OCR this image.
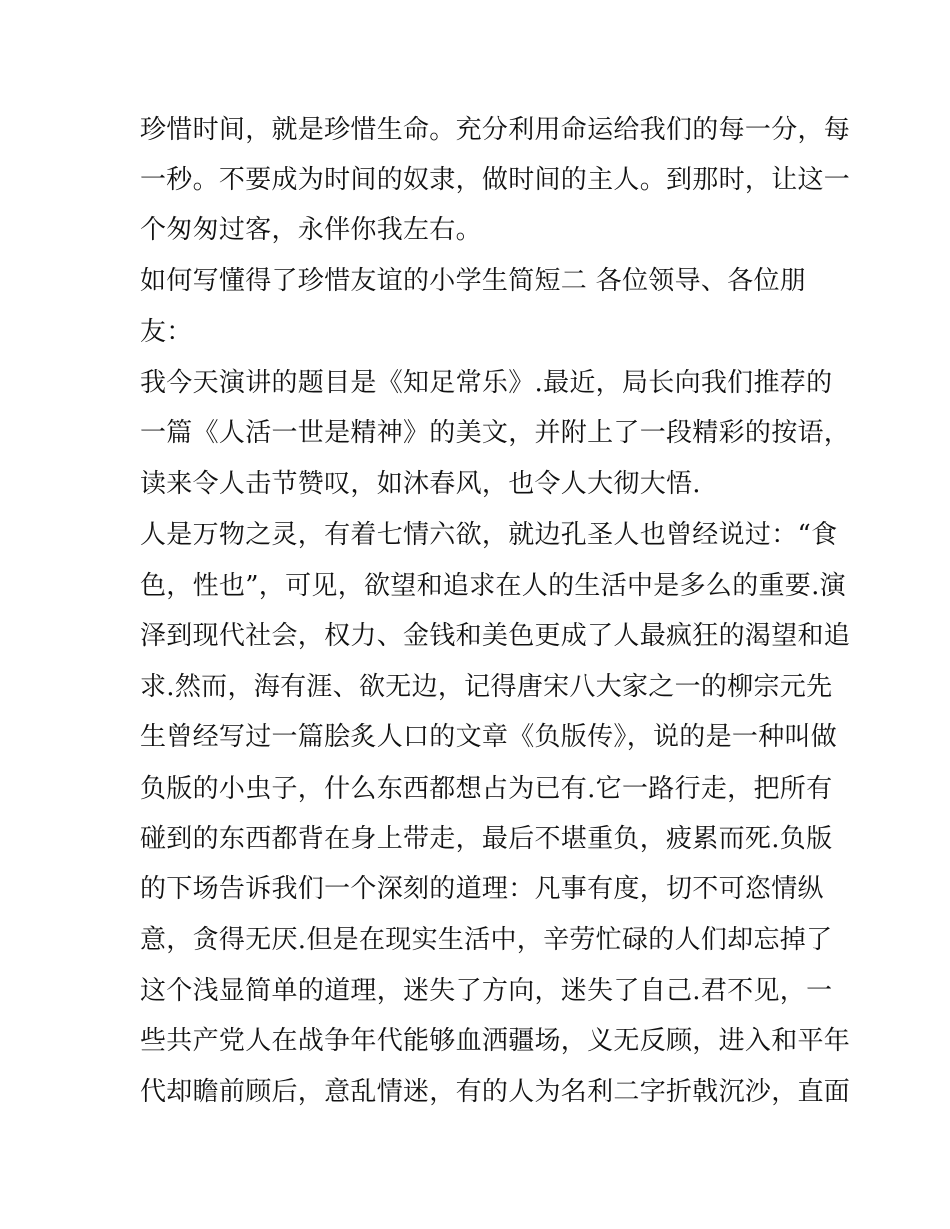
珍惜时间，就是珍惜生命。充分利用命运给我们的每一分，每
一秒。不要成为时间的奴隶，做时间的主人。到那时，让这一
个匆匆过客，永伴你我左右。
如何写懂得了珍惜友谊的小学生简短二 各位领导、各位朋
友：
我今天演讲的题目是《知足常乐》.最近，局长向我们推荐的
一篇《人活一世是精神》的美文，并附上了一段精彩的按语，
读来令人击节赞叹，如沐春风，也令人大彻大悟.
人是万物之灵，有着七情六欲，就边孔圣人也曾经说过：“食
色，性也”，可见，欲望和追求在人的生活中是多么的重要.演
泽到现代社会，权力、金钱和美色更成了人最疯狂的渴望和追
求.然而，海有涯、欲无边，记得唐宋八大家之一的柳宗元先
生曾经写过一篇脍炙人口的文章《负版传》，说的是一种叫做
负版的小虫子，什么东西都想占为已有.它一路行走，把所有
碰到的东西都背在身上带走，最后不堪重负，疲累而死.负版
的下场告诉我们一个深刻的道理：凡事有度，切不可恣情纵
意，贪得无厌.但是在现实生活中，辛劳忙碌的人们却忘掉了
这个浅显简单的道理，迷失了方向，迷失了自己.君不见，一
些共产党人在战争年代能够血洒疆场，义无反顾，进入和平年
代却瞻前顾后，意乱情迷，有的人为名利二字折戟沉沙，直面
